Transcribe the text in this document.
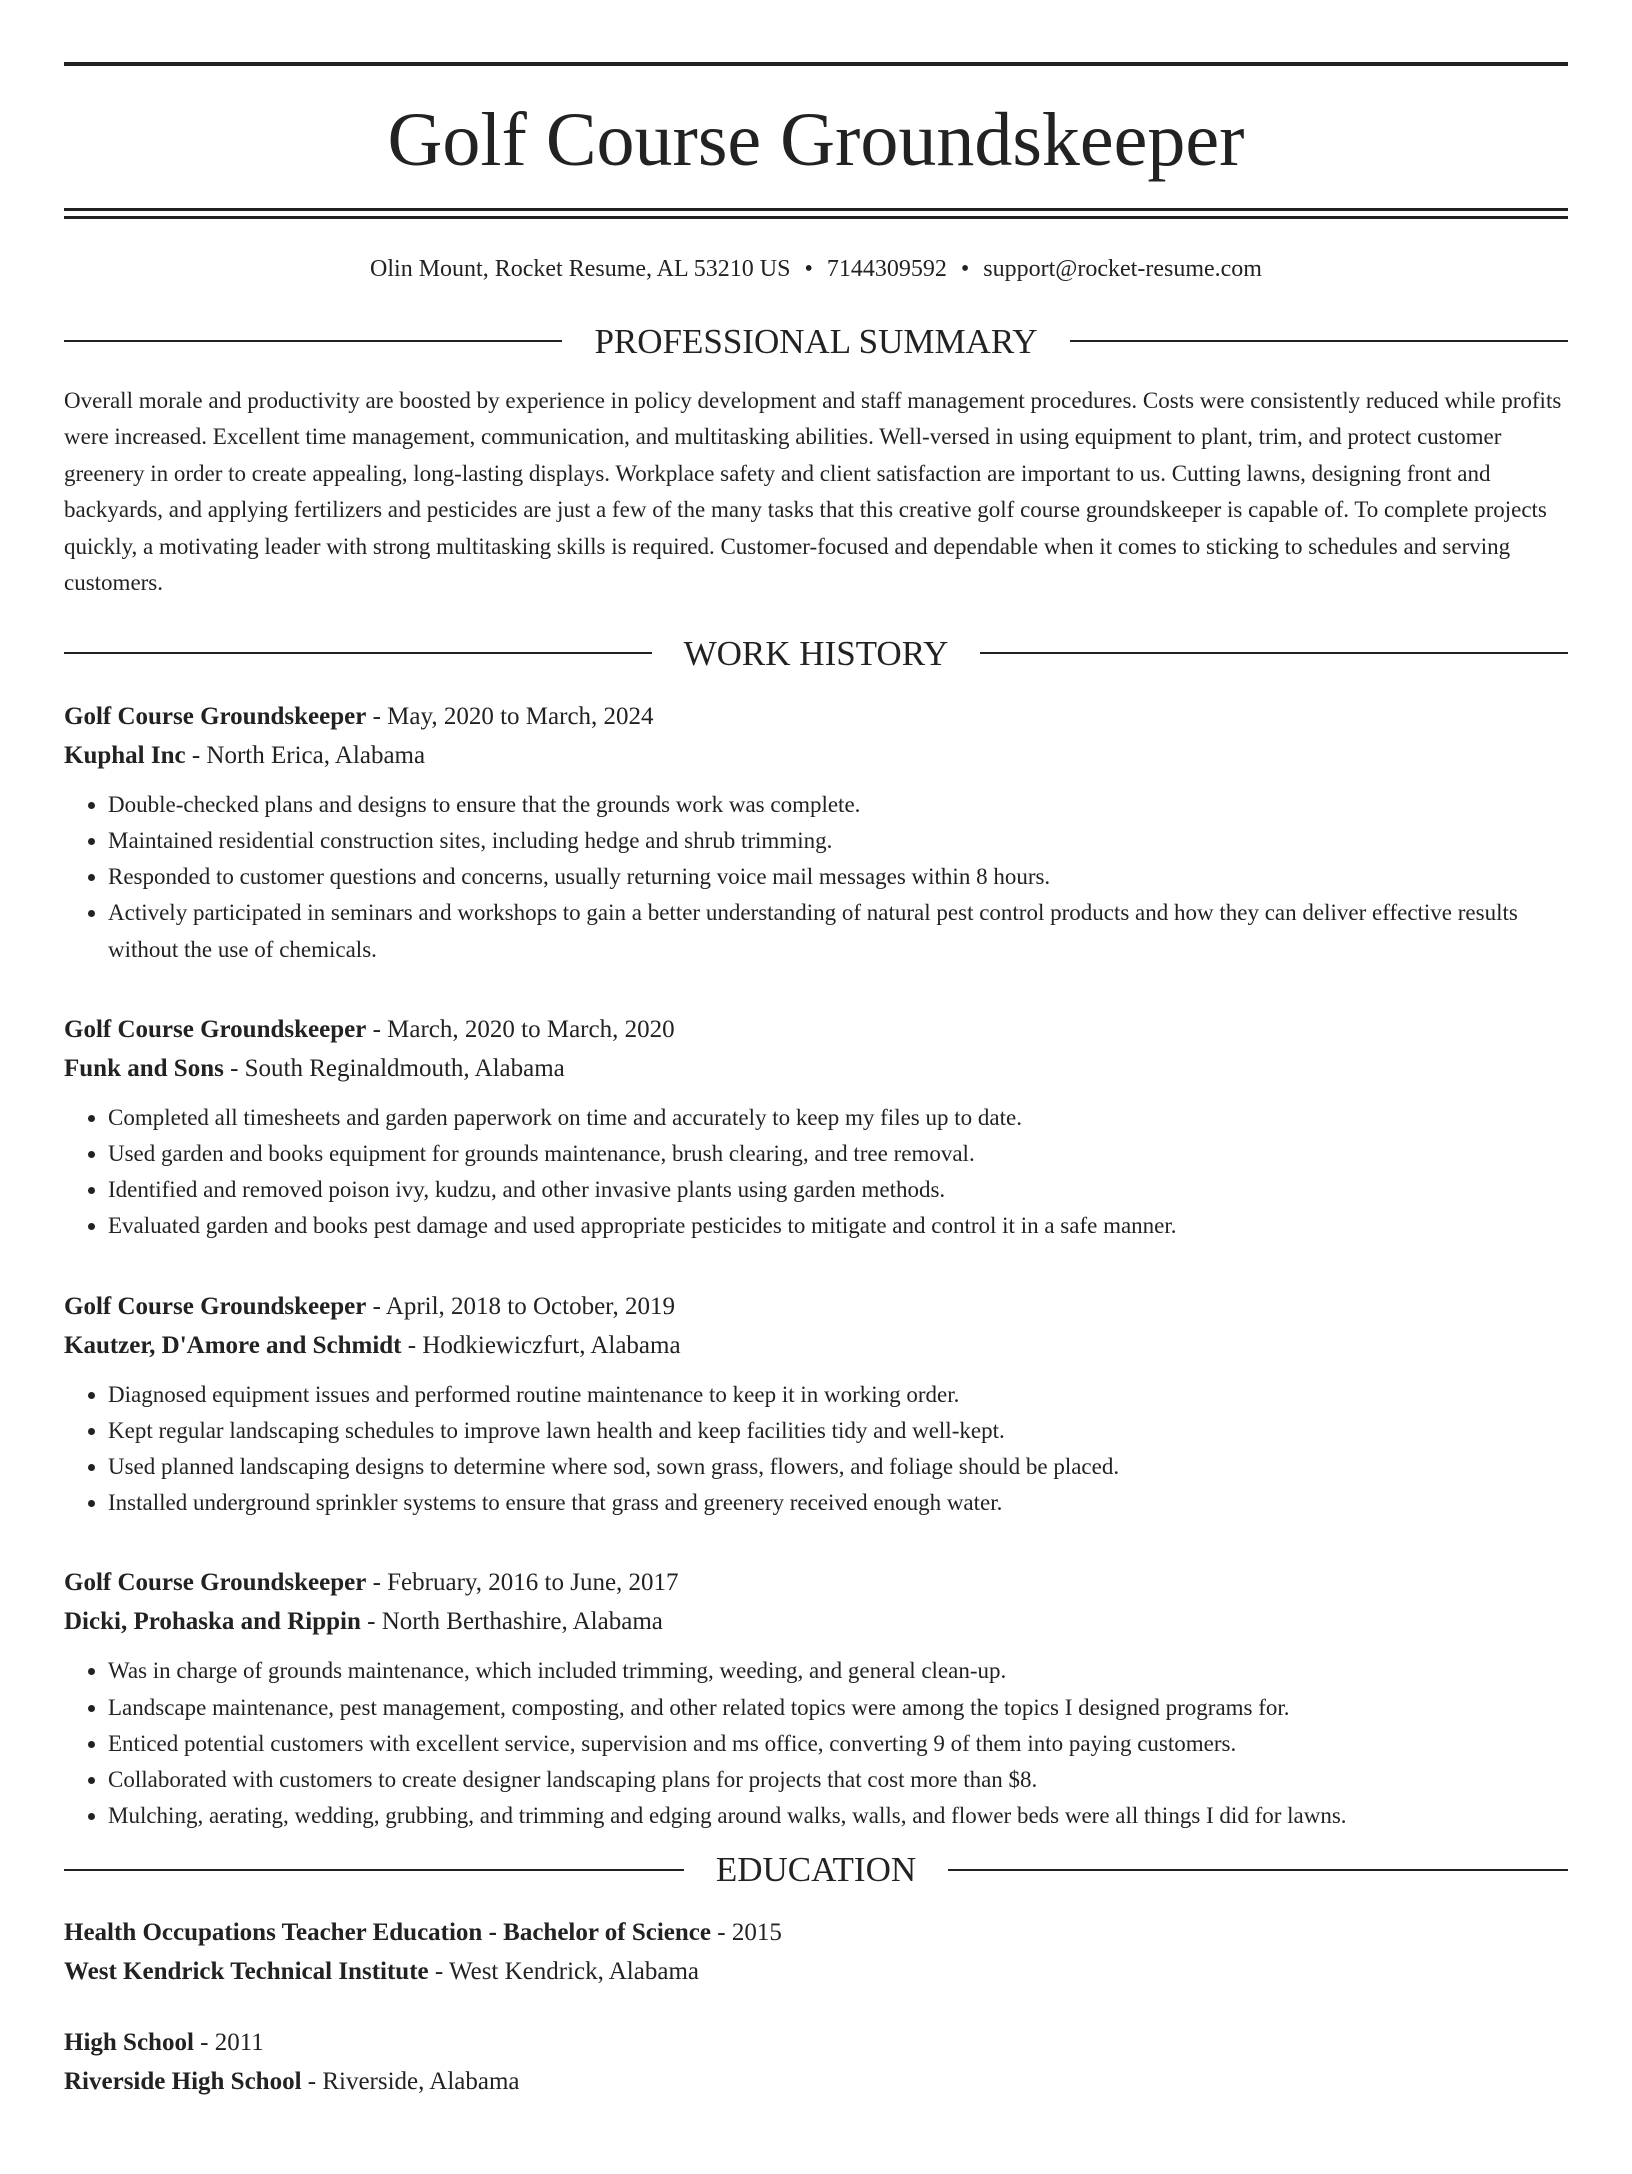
Golf Course Groundskeeper
Olin Mount, Rocket Resume, AL 53210 US • 7144309592 • support@rocket-resume.com
PROFESSIONAL SUMMARY
Overall morale and productivity are boosted by experience in policy development and staff management procedures. Costs were consistently reduced while profits were increased. Excellent time management, communication, and multitasking abilities. Well-versed in using equipment to plant, trim, and protect customer greenery in order to create appealing, long-lasting displays. Workplace safety and client satisfaction are important to us. Cutting lawns, designing front and backyards, and applying fertilizers and pesticides are just a few of the many tasks that this creative golf course groundskeeper is capable of. To complete projects quickly, a motivating leader with strong multitasking skills is required. Customer-focused and dependable when it comes to sticking to schedules and serving customers.
WORK HISTORY
Golf Course Groundskeeper - May, 2020 to March, 2024
Kuphal Inc - North Erica, Alabama
• Double-checked plans and designs to ensure that the grounds work was complete.
• Maintained residential construction sites, including hedge and shrub trimming.
• Responded to customer questions and concerns, usually returning voice mail messages within 8 hours.
• Actively participated in seminars and workshops to gain a better understanding of natural pest control products and how they can deliver effective results without the use of chemicals.
Golf Course Groundskeeper - March, 2020 to March, 2020
Funk and Sons - South Reginaldmouth, Alabama
• Completed all timesheets and garden paperwork on time and accurately to keep my files up to date.
• Used garden and books equipment for grounds maintenance, brush clearing, and tree removal.
• Identified and removed poison ivy, kudzu, and other invasive plants using garden methods.
• Evaluated garden and books pest damage and used appropriate pesticides to mitigate and control it in a safe manner.
Golf Course Groundskeeper - April, 2018 to October, 2019
Kautzer, D'Amore and Schmidt - Hodkiewiczfurt, Alabama
• Diagnosed equipment issues and performed routine maintenance to keep it in working order.
• Kept regular landscaping schedules to improve lawn health and keep facilities tidy and well-kept.
• Used planned landscaping designs to determine where sod, sown grass, flowers, and foliage should be placed.
• Installed underground sprinkler systems to ensure that grass and greenery received enough water.
Golf Course Groundskeeper - February, 2016 to June, 2017
Dicki, Prohaska and Rippin - North Berthashire, Alabama
• Was in charge of grounds maintenance, which included trimming, weeding, and general clean-up.
• Landscape maintenance, pest management, composting, and other related topics were among the topics I designed programs for.
• Enticed potential customers with excellent service, supervision and ms office, converting 9 of them into paying customers.
• Collaborated with customers to create designer landscaping plans for projects that cost more than $8.
• Mulching, aerating, wedding, grubbing, and trimming and edging around walks, walls, and flower beds were all things I did for lawns.
EDUCATION
Health Occupations Teacher Education - Bachelor of Science - 2015
West Kendrick Technical Institute - West Kendrick, Alabama
High School - 2011
Riverside High School - Riverside, Alabama
